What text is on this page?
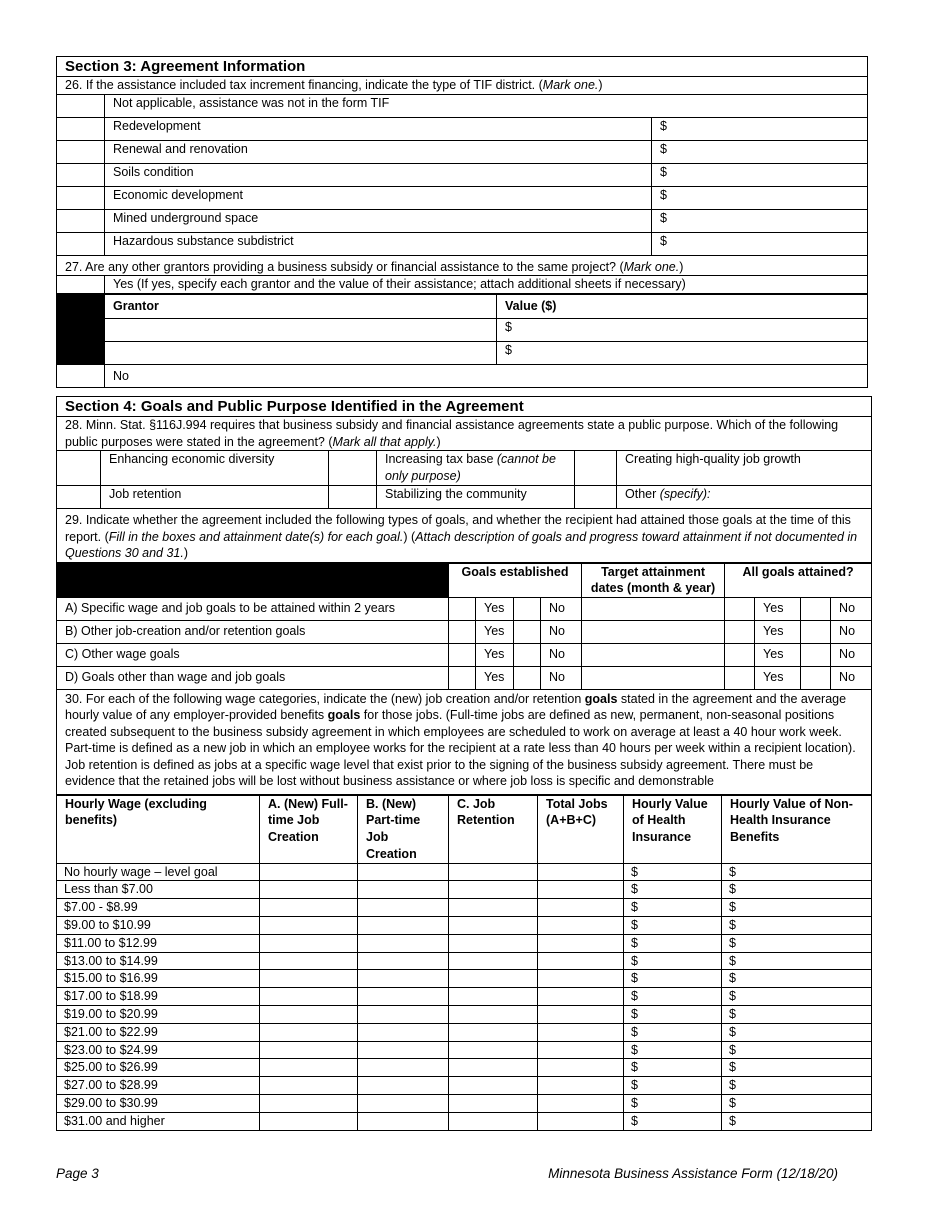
Section 3: Agreement Information		
26. If the assistance included tax increment financing, indicate the type of TIF district. (Mark one.)		
	Not applicable, assistance was not in the form TIF	
	Redevelopment	$
	Renewal and renovation	$
	Soils condition	$
	Economic development	$
	Mined underground space	$
	Hazardous substance subdistrict	$
27. Are any other grantors providing a business subsidy or financial assistance to the same project? (Mark one.)		
	Yes (If yes, specify each grantor and the value of their assistance; attach additional sheets if necessary)	
	Grantor	Value ($)
		$
		$
	No	
Section 4: Goals and Public Purpose Identified in the Agreement					
28. Minn. Stat. §116J.994 requires that business subsidy and financial assistance agreements state a public purpose. Which of the following public purposes were stated in the agreement? (Mark all that apply.)					
	Enhancing economic diversity		Increasing tax base (cannot be only purpose)		Creating high-quality job growth
	Job retention		Stabilizing the community		Other (specify):
29. Indicate whether the agreement included the following types of goals, and whether the recipient had attained those goals at the time of this report. (Fill in the boxes and attainment date(s) for each goal.) (Attach description of goals and progress toward attainment if not documented in Questions 30 and 31.)					
	Goals established				Target attainment dates (month & year)	All goals attained?			
A) Specific wage and job goals to be attained within 2 years		Yes		No			Yes		No
B) Other job-creation and/or retention goals		Yes		No			Yes		No
C) Other wage goals		Yes		No			Yes		No
D) Goals other than wage and job goals		Yes		No			Yes		No
30. For each of the following wage categories, indicate the (new) job creation and/or retention goals stated in the agreement and the average hourly value of any employer-provided benefits goals for those jobs. (Full-time jobs are defined as new, permanent, non-seasonal positions created subsequent to the business subsidy agreement in which employees are scheduled to work on average at least a 40 hour work week. Part-time is defined as a new job in which an employee works for the recipient at a rate less than 40 hours per week within a recipient location). Job retention is defined as jobs at a specific wage level that exist prior to the signing of the business subsidy agreement. There must be evidence that the retained jobs will be lost without business assistance or where job loss is specific and demonstrable									
Hourly Wage (excluding benefits)	A. (New) Full-time Job Creation	B. (New) Part-time Job Creation	C. Job Retention	Total Jobs (A+B+C)	Hourly Value of Health Insurance	Hourly Value of Non-Health Insurance Benefits
No hourly wage – level goal					$	$
Less than $7.00					$	$
$7.00 - $8.99					$	$
$9.00 to $10.99					$	$
$11.00 to $12.99					$	$
$13.00 to $14.99					$	$
$15.00 to $16.99					$	$
$17.00 to $18.99					$	$
$19.00 to $20.99					$	$
$21.00 to $22.99					$	$
$23.00 to $24.99					$	$
$25.00 to $26.99					$	$
$27.00 to $28.99					$	$
$29.00 to $30.99					$	$
$31.00 and higher					$	$
Page 3	Minnesota Business Assistance Form (12/18/20)
